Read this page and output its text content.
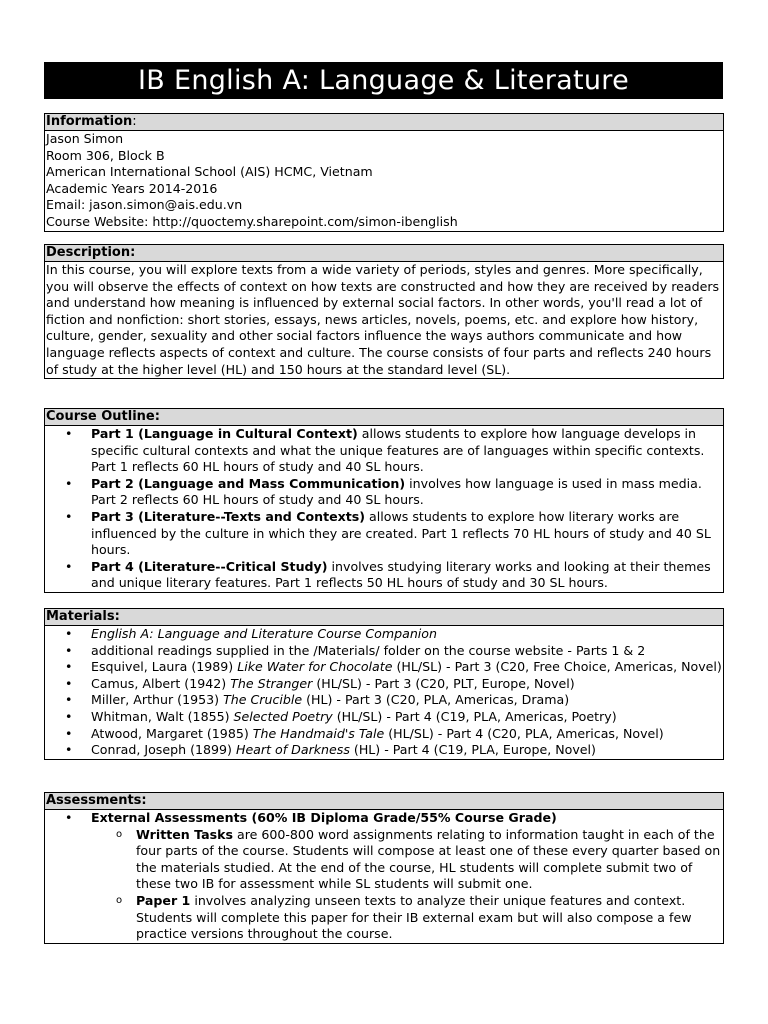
IB English A: Language & Literature
Information:
Jason Simon
Room 306, Block B
American International School (AIS) HCMC, Vietnam
Academic Years 2014-2016
Email: jason.simon@ais.edu.vn
Course Website: http://quoctemy.sharepoint.com/simon-ibenglish
Description:
In this course, you will explore texts from a wide variety of periods, styles and genres. More specifically, you will observe the effects of context on how texts are constructed and how they are received by readers and understand how meaning is influenced by external social factors. In other words, you'll read a lot of fiction and nonfiction: short stories, essays, news articles, novels, poems, etc. and explore how history, culture, gender, sexuality and other social factors influence the ways authors communicate and how language reflects aspects of context and culture. The course consists of four parts and reflects 240 hours of study at the higher level (HL) and 150 hours at the standard level (SL).
Course Outline:
• Part 1 (Language in Cultural Context) allows students to explore how language develops in specific cultural contexts and what the unique features are of languages within specific contexts. Part 1 reflects 60 HL hours of study and 40 SL hours.
• Part 2 (Language and Mass Communication) involves how language is used in mass media. Part 2 reflects 60 HL hours of study and 40 SL hours.
• Part 3 (Literature--Texts and Contexts) allows students to explore how literary works are influenced by the culture in which they are created. Part 1 reflects 70 HL hours of study and 40 SL hours.
• Part 4 (Literature--Critical Study) involves studying literary works and looking at their themes and unique literary features. Part 1 reflects 50 HL hours of study and 30 SL hours.
Materials:
• English A: Language and Literature Course Companion
• additional readings supplied in the /Materials/ folder on the course website - Parts 1 & 2
• Esquivel, Laura (1989) Like Water for Chocolate (HL/SL) - Part 3 (C20, Free Choice, Americas, Novel)
• Camus, Albert (1942) The Stranger (HL/SL) - Part 3 (C20, PLT, Europe, Novel)
• Miller, Arthur (1953) The Crucible (HL) - Part 3 (C20, PLA, Americas, Drama)
• Whitman, Walt (1855) Selected Poetry (HL/SL) - Part 4 (C19, PLA, Americas, Poetry)
• Atwood, Margaret (1985) The Handmaid's Tale (HL/SL) - Part 4 (C20, PLA, Americas, Novel)
• Conrad, Joseph (1899) Heart of Darkness (HL) - Part 4 (C19, PLA, Europe, Novel)
Assessments:
• External Assessments (60% IB Diploma Grade/55% Course Grade)
o Written Tasks are 600-800 word assignments relating to information taught in each of the four parts of the course. Students will compose at least one of these every quarter based on the materials studied. At the end of the course, HL students will complete submit two of these two IB for assessment while SL students will submit one.
o Paper 1 involves analyzing unseen texts to analyze their unique features and context. Students will complete this paper for their IB external exam but will also compose a few practice versions throughout the course.
